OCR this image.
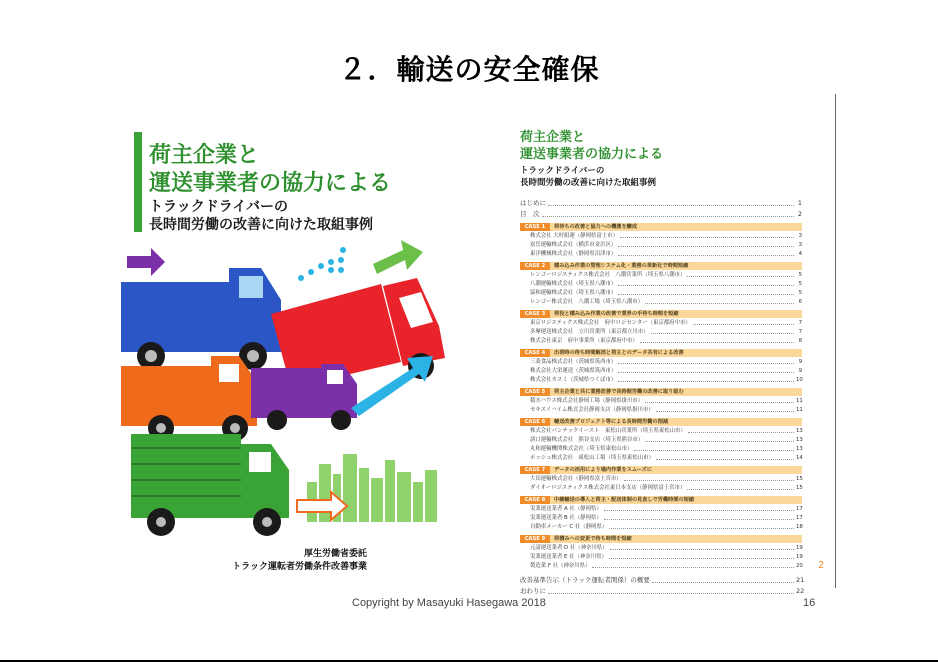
２．輸送の安全確保
荷主企業と
運送事業者の協力による
トラックドライバーの
長時間労働の改善に向けた取組事例
厚生労働省委託
トラック運転者労働条件改善事業
荷主企業と
運送事業者の協力による
トラックドライバーの
長時間労働の改善に向けた取組事例
はじめに	1
目　次	2
CASE 1	荷待ちの改善と協力への機運を醸成
株式会社 大村組運（静岡県富士市）	3
富岳運輸株式会社（横浜市金沢区）	3
東洋機械株式会社（静岡県沼津市）	4
CASE 2	積み込み作業の管理システム化・業務の革新化で時間短縮
レンゴーロジスティクス株式会社　八潮営業所（埼玉県八潮市）	5
八潮運輸株式会社（埼玉県八潮市）	5
協和運輸株式会社（埼玉県八潮市）	5
レンゴー株式会社　八潮工場（埼玉県八潮市）	6
CASE 3	荷役と積み込み作業の改善で業界の手待ち時間を短縮
東京ロジスティクス株式会社　府中ロジセンター（東京都府中市）	7
多摩運送株式会社　立川営業所（東京都立川市）	7
株式会社東京　府中事業所（東京都府中市）	8
CASE 4	出荷時の待ち時間解消と荷主とのデータ共有による改善
三菱食品株式会社（茨城県筑西市）	9
株式会社大栄運送（茨城県筑西市）	9
株式会社カスミ（茨城県つくば市）	10
CASE 5	荷主企業と共に業務改善で長時間労働の改善に取り組む
積水ハウス株式会社静岡工場（静岡県掛川市）	11
セキスイハイム株式会社静岡支店（静岡県掛川市）	11
CASE 6	輸送改善プロジェクト等による長時間労働の削減
株式会社パンテックイースト　東松山営業所（埼玉県東松山市）	13
諸口運輸株式会社　熊谷支店（埼玉県熊谷市）	13
丸和運輸機関株式会社（埼玉県東松山市）	13
ポッシュ株式会社　東松山工場（埼玉県東松山市）	14
CASE 7	データの活用により場内作業をスムーズに
大田運輸株式会社（静岡県富士宮市）	15
ダイオーロジスティクス株式会社東日本支店（静岡県富士宮市）	15
CASE 8	中継輸送の導入と荷主・配送体制の見直しで労働時間の短縮
実業運送業者 A 社（静岡県）	17
実業運送業者 B 社（静岡県）	17
自動車メーカー C 社（静岡県）	18
CASE 9	荷積みへの変更で待ち時間を短縮
元請運送業者 D 社（神奈川県）	19
実業運送業者 E 社（神奈川県）	19
製造業 F 社（神奈川県）	20
改善基準告示（トラック運転者関係）の概要	21
おわりに	22
2
Copyright by Masayuki Hasegawa 2018	16
